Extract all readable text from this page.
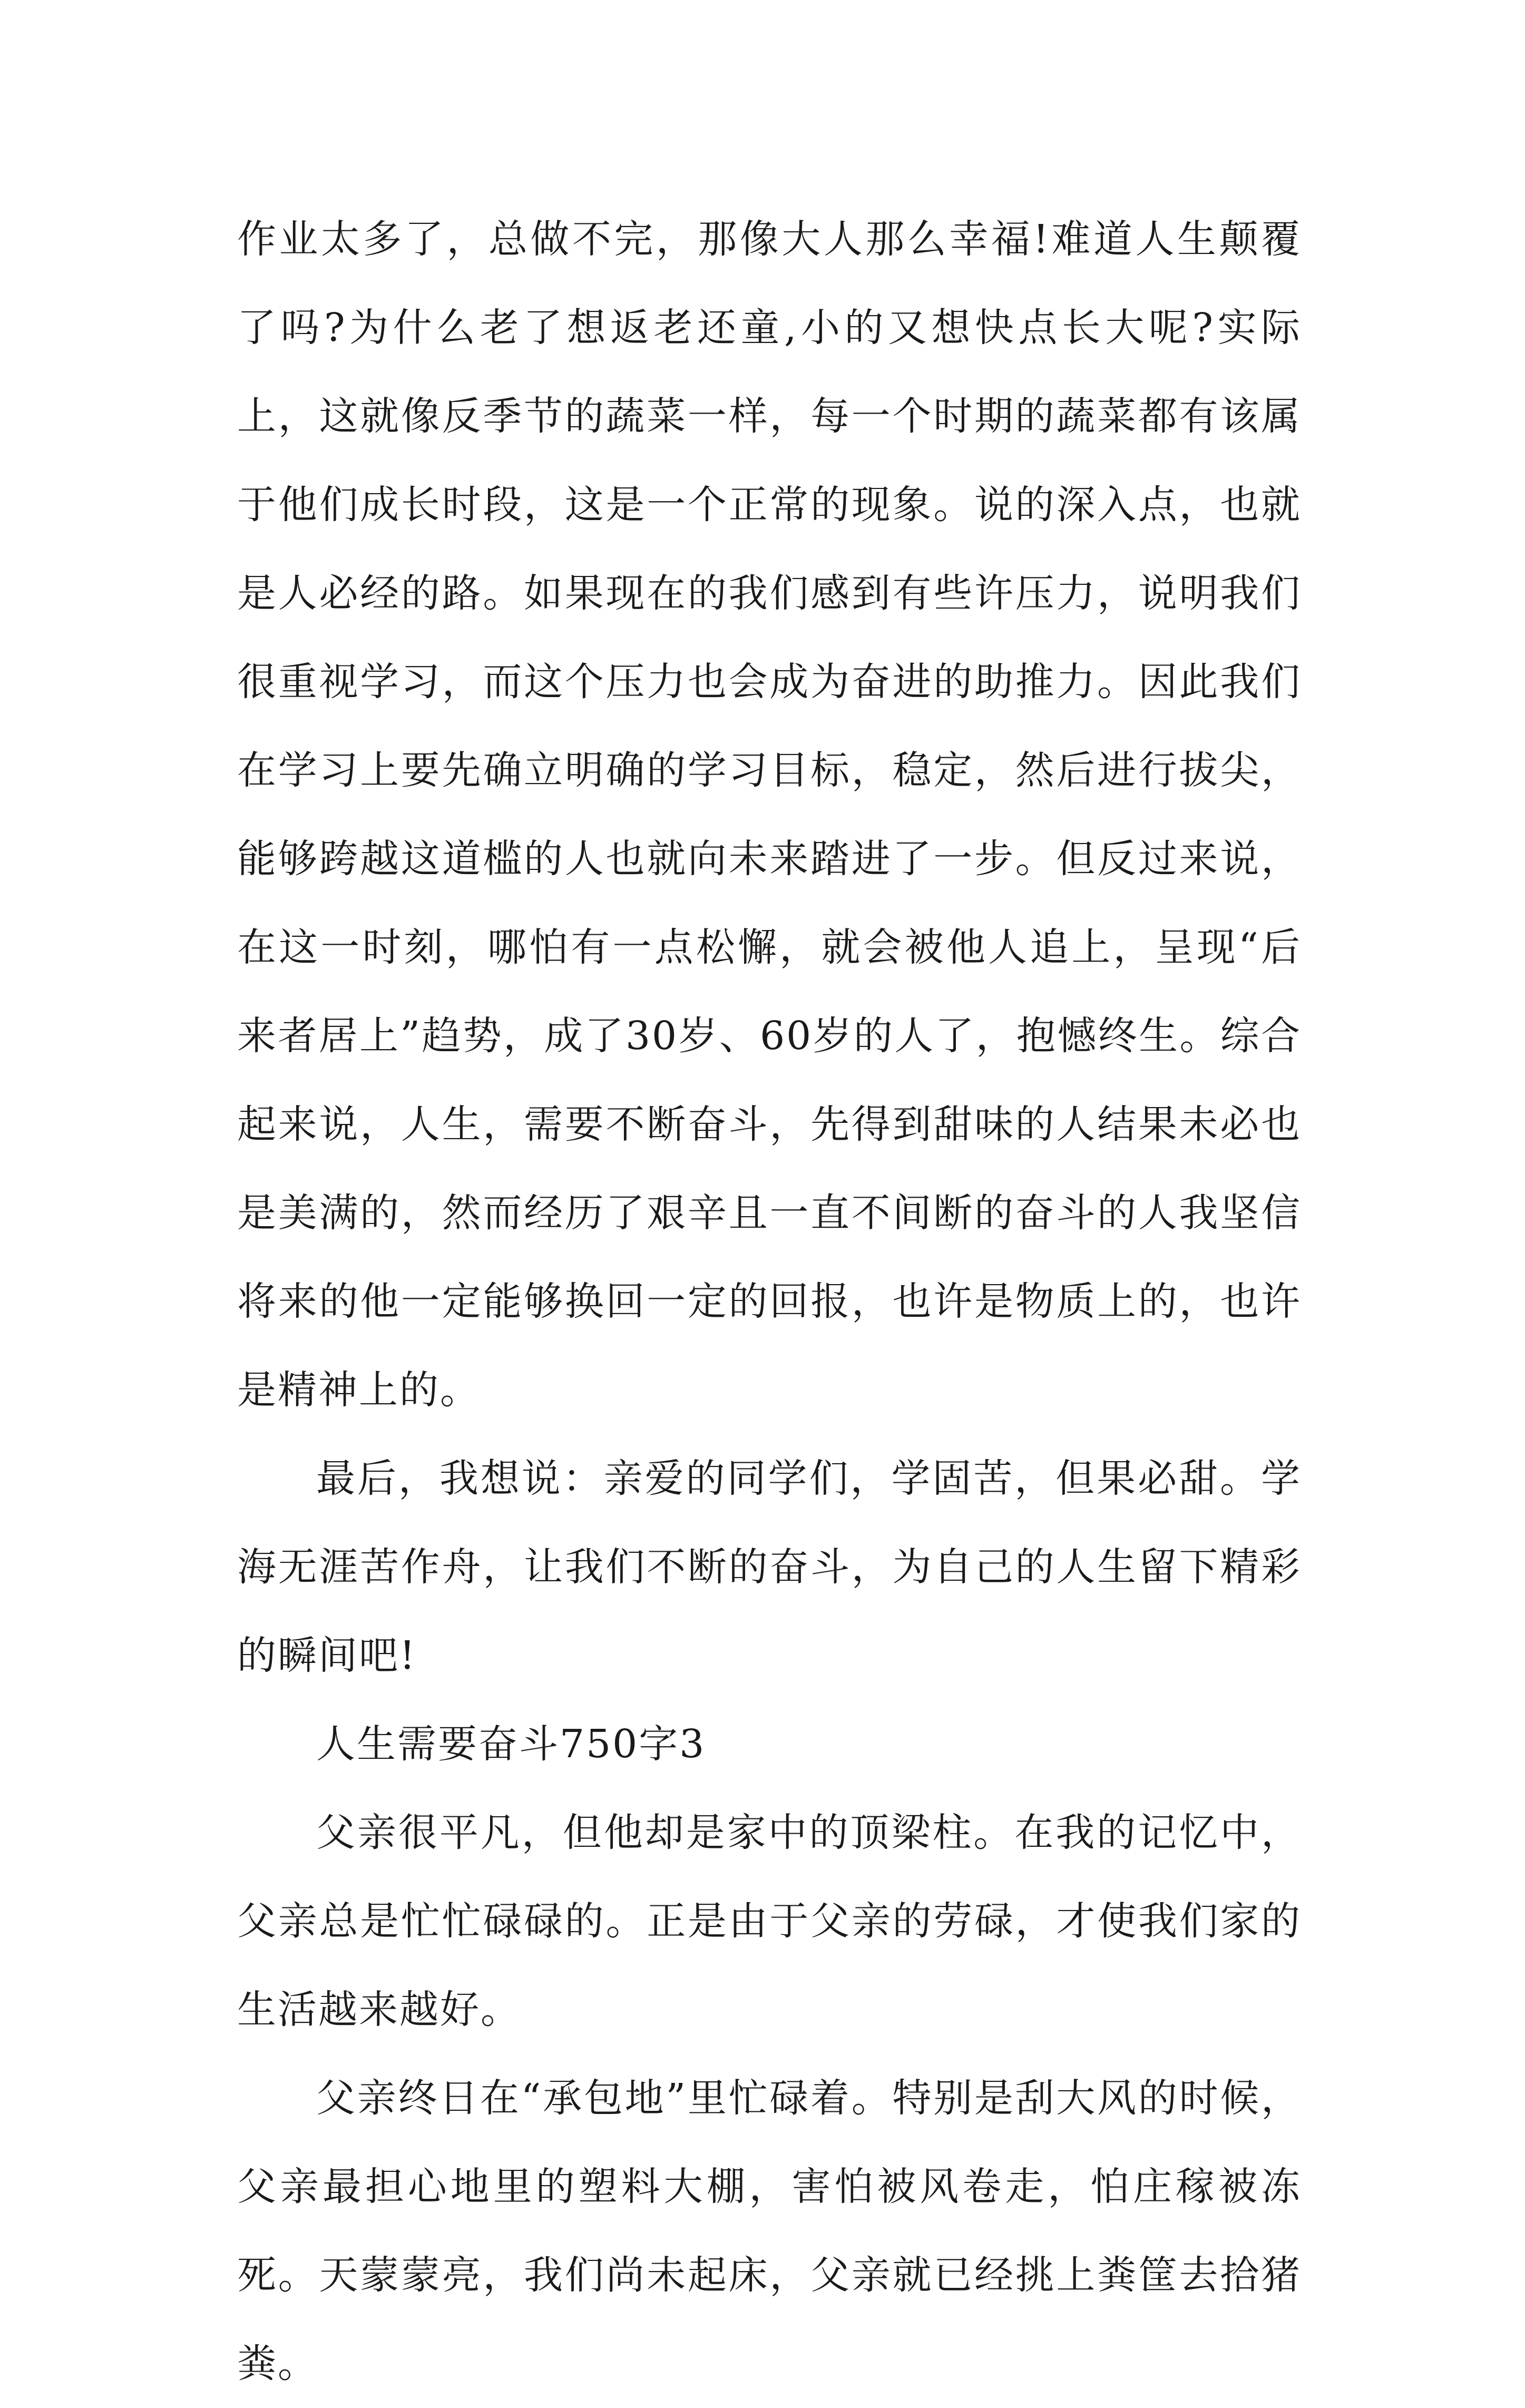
作业太多了，总做不完，那像大人那么幸福!难道人生颠覆了吗?为什么老了想返老还童,小的又想快点长大呢?实际上，这就像反季节的蔬菜一样，每一个时期的蔬菜都有该属于他们成长时段，这是一个正常的现象。说的深入点，也就是人必经的路。如果现在的我们感到有些许压力，说明我们很重视学习，而这个压力也会成为奋进的助推力。因此我们在学习上要先确立明确的学习目标，稳定，然后进行拔尖，能够跨越这道槛的人也就向未来踏进了一步。但反过来说，在这一时刻，哪怕有一点松懈，就会被他人追上，呈现“后来者居上”趋势，成了30岁、60岁的人了，抱憾终生。综合起来说，人生，需要不断奋斗，先得到甜味的人结果未必也是美满的，然而经历了艰辛且一直不间断的奋斗的人我坚信将来的他一定能够换回一定的回报，也许是物质上的，也许是精神上的。

最后，我想说：亲爱的同学们，学固苦，但果必甜。学海无涯苦作舟，让我们不断的奋斗，为自己的人生留下精彩的瞬间吧!

人生需要奋斗750字3

父亲很平凡，但他却是家中的顶梁柱。在我的记忆中，父亲总是忙忙碌碌的。正是由于父亲的劳碌，才使我们家的生活越来越好。

父亲终日在“承包地”里忙碌着。特别是刮大风的时候，父亲最担心地里的塑料大棚，害怕被风卷走，怕庄稼被冻死。天蒙蒙亮，我们尚未起床，父亲就已经挑上粪筐去拾猪粪。
